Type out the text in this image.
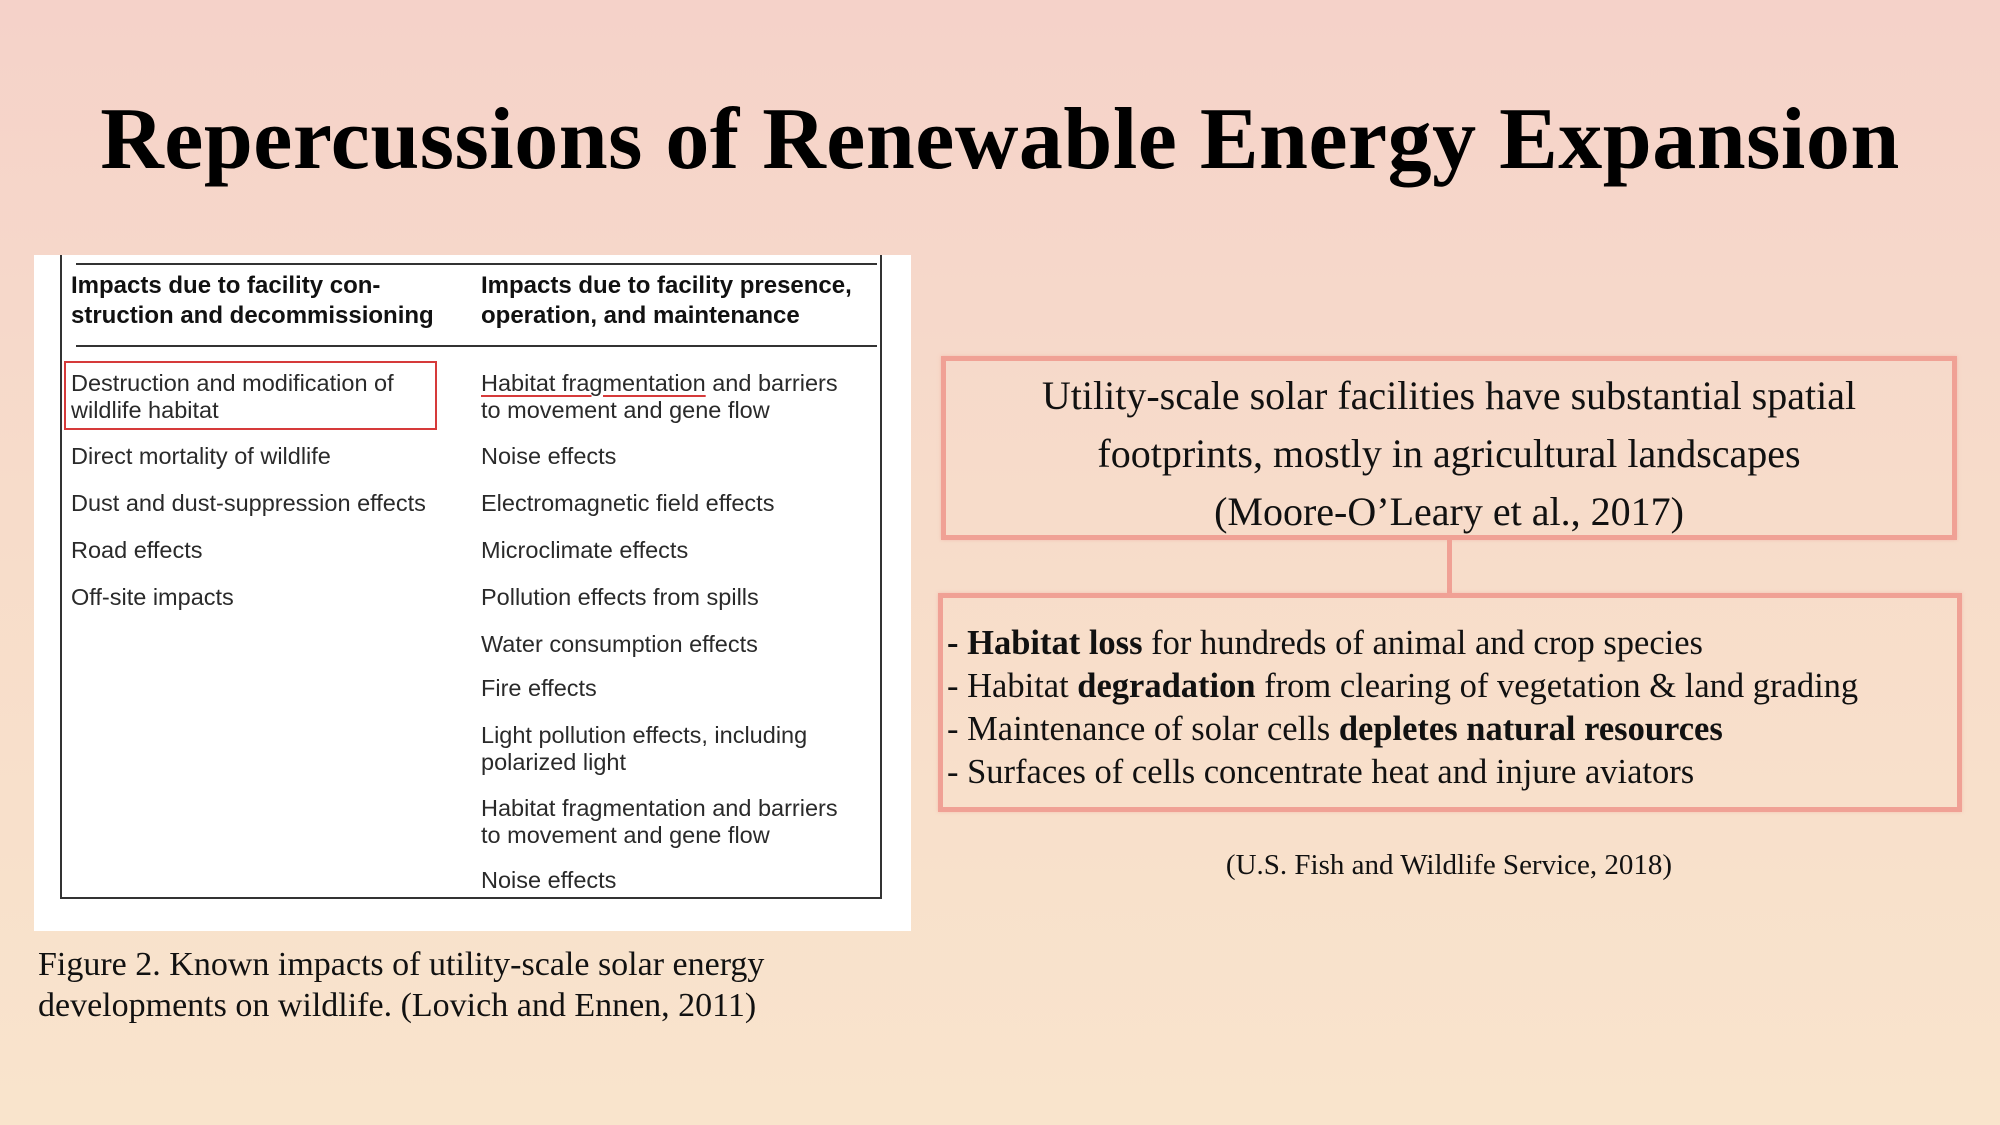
Repercussions of Renewable Energy Expansion
Impacts due to facility con-
struction and decommissioning
Destruction and modification of
wildlife habitat
Direct mortality of wildlife
Dust and dust-suppression effects
Road effects
Off-site impacts
Impacts due to facility presence,
operation, and maintenance
Habitat fragmentation and barriers
to movement and gene flow
Noise effects
Electromagnetic field effects
Microclimate effects
Pollution effects from spills
Water consumption effects
Fire effects
Light pollution effects, including
polarized light
Habitat fragmentation and barriers
to movement and gene flow
Noise effects
Figure 2. Known impacts of utility-scale solar energy
developments on wildlife. (Lovich and Ennen, 2011)
Utility-scale solar facilities have substantial spatial
footprints, mostly in agricultural landscapes
(Moore-O’Leary et al., 2017)
- Habitat loss for hundreds of animal and crop species
- Habitat degradation from clearing of vegetation & land grading
- Maintenance of solar cells depletes natural resources
- Surfaces of cells concentrate heat and injure aviators
(U.S. Fish and Wildlife Service, 2018)
